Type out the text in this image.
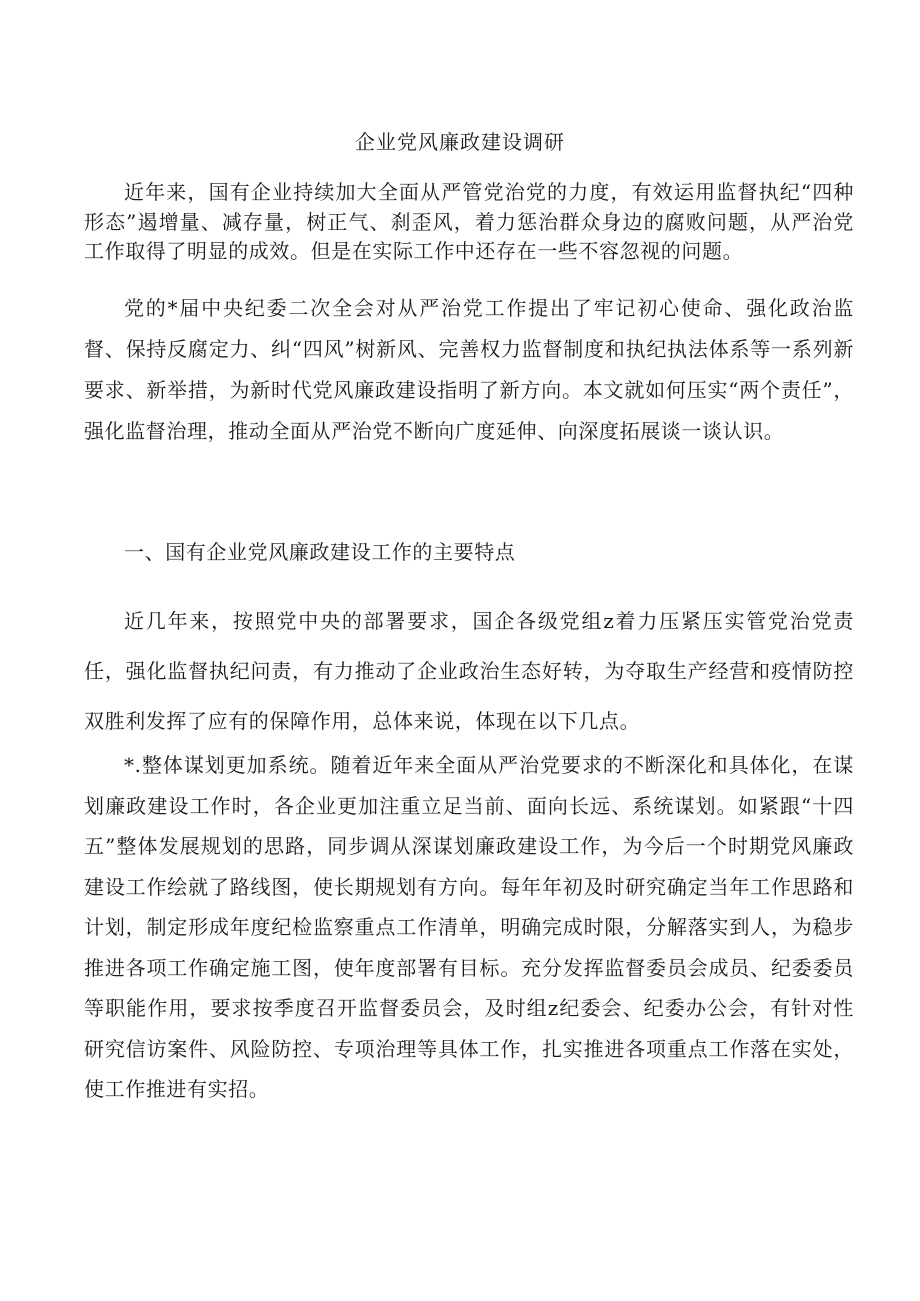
企业党风廉政建设调研

近年来，国有企业持续加大全面从严管党治党的力度，有效运用监督执纪“四种形态”遏增量、减存量，树正气、刹歪风，着力惩治群众身边的腐败问题，从严治党工作取得了明显的成效。但是在实际工作中还存在一些不容忽视的问题。

党的*届中央纪委二次全会对从严治党工作提出了牢记初心使命、强化政治监督、保持反腐定力、纠“四风”树新风、完善权力监督制度和执纪执法体系等一系列新要求、新举措，为新时代党风廉政建设指明了新方向。本文就如何压实“两个责任”，强化监督治理，推动全面从严治党不断向广度延伸、向深度拓展谈一谈认识。

一、国有企业党风廉政建设工作的主要特点

近几年来，按照党中央的部署要求，国企各级党组z着力压紧压实管党治党责任，强化监督执纪问责，有力推动了企业政治生态好转，为夺取生产经营和疫情防控双胜利发挥了应有的保障作用，总体来说，体现在以下几点。

*.整体谋划更加系统。随着近年来全面从严治党要求的不断深化和具体化，在谋划廉政建设工作时，各企业更加注重立足当前、面向长远、系统谋划。如紧跟“十四五”整体发展规划的思路，同步调从深谋划廉政建设工作，为今后一个时期党风廉政建设工作绘就了路线图，使长期规划有方向。每年年初及时研究确定当年工作思路和计划，制定形成年度纪检监察重点工作清单，明确完成时限，分解落实到人，为稳步推进各项工作确定施工图，使年度部署有目标。充分发挥监督委员会成员、纪委委员等职能作用，要求按季度召开监督委员会，及时组z纪委会、纪委办公会，有针对性研究信访案件、风险防控、专项治理等具体工作，扎实推进各项重点工作落在实处，使工作推进有实招。
